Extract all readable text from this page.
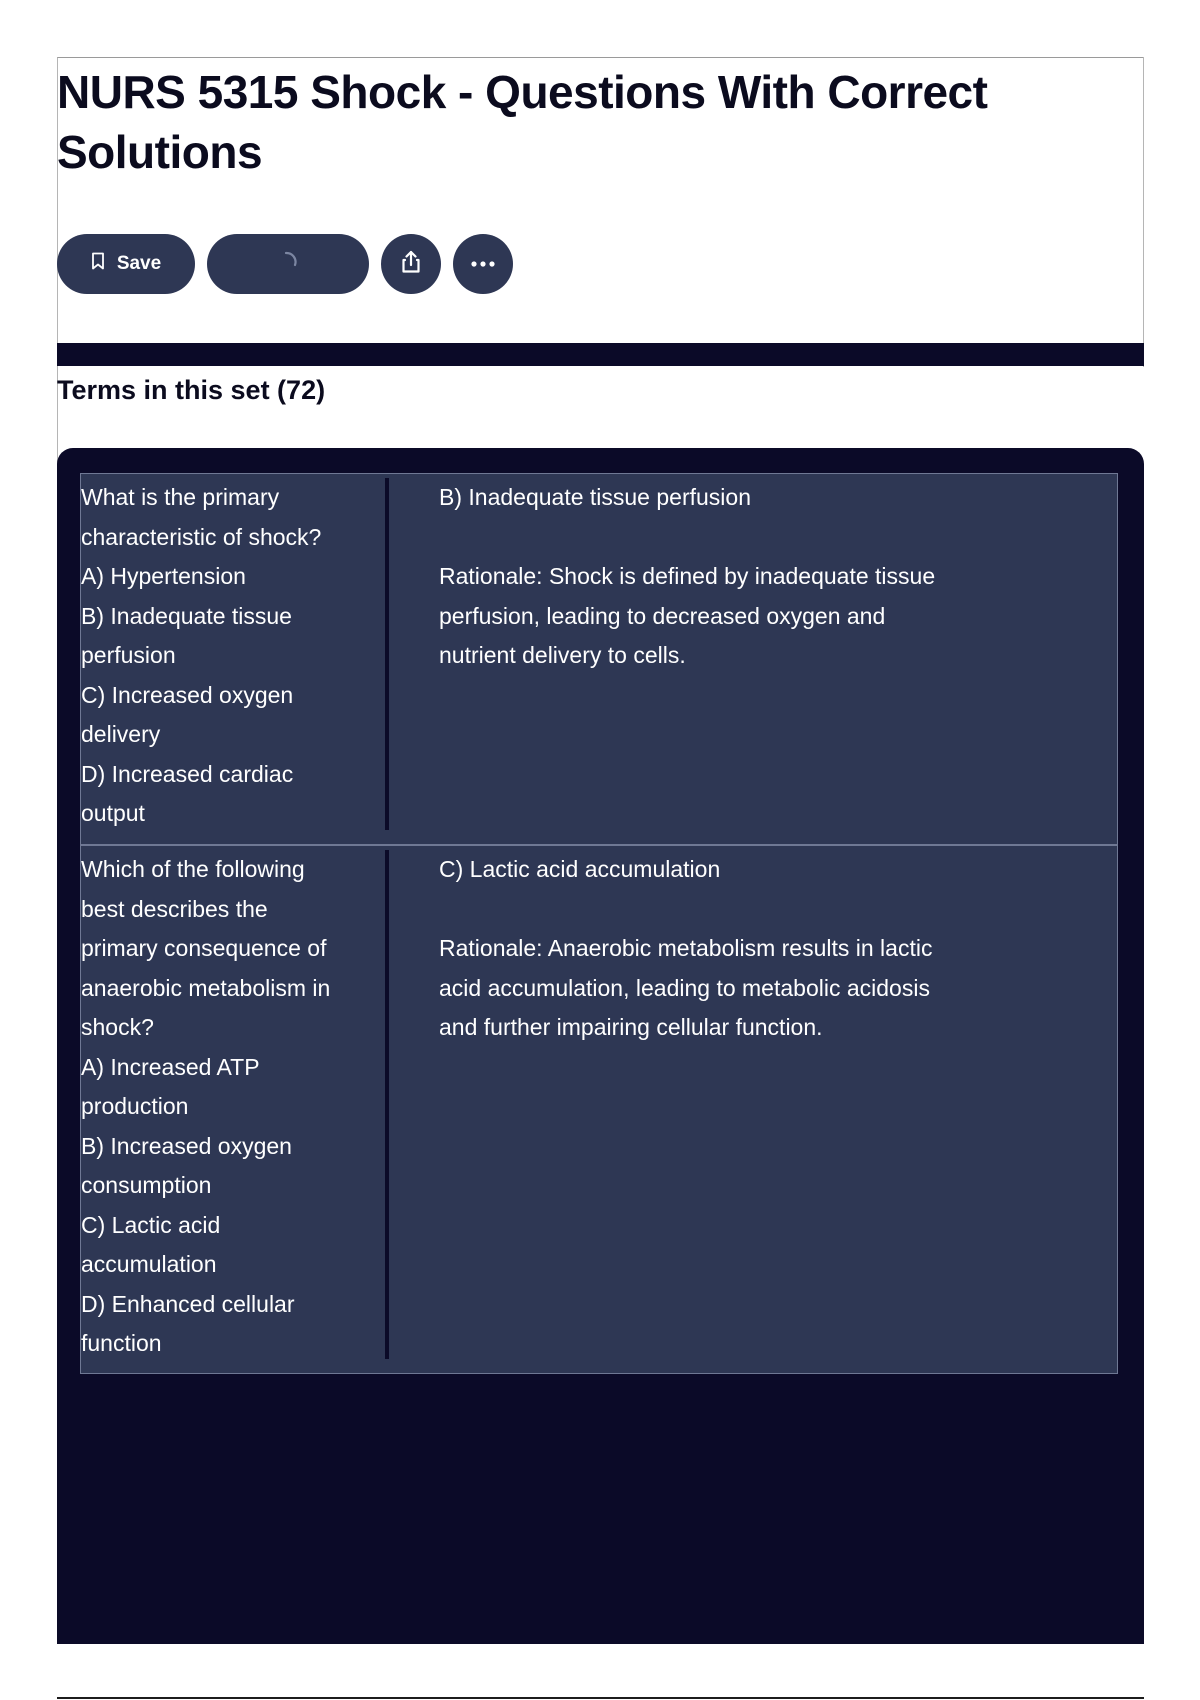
NURS 5315 Shock - Questions With Correct Solutions
Save
Terms in this set (72)
What is the primary
characteristic of shock?
A) Hypertension
B) Inadequate tissue
perfusion
C) Increased oxygen
delivery
D) Increased cardiac
output
B) Inadequate tissue perfusion

Rationale: Shock is defined by inadequate tissue
perfusion, leading to decreased oxygen and
nutrient delivery to cells.
Which of the following
best describes the
primary consequence of
anaerobic metabolism in
shock?
A) Increased ATP
production
B) Increased oxygen
consumption
C) Lactic acid
accumulation
D) Enhanced cellular
function
C) Lactic acid accumulation

Rationale: Anaerobic metabolism results in lactic
acid accumulation, leading to metabolic acidosis
and further impairing cellular function.
